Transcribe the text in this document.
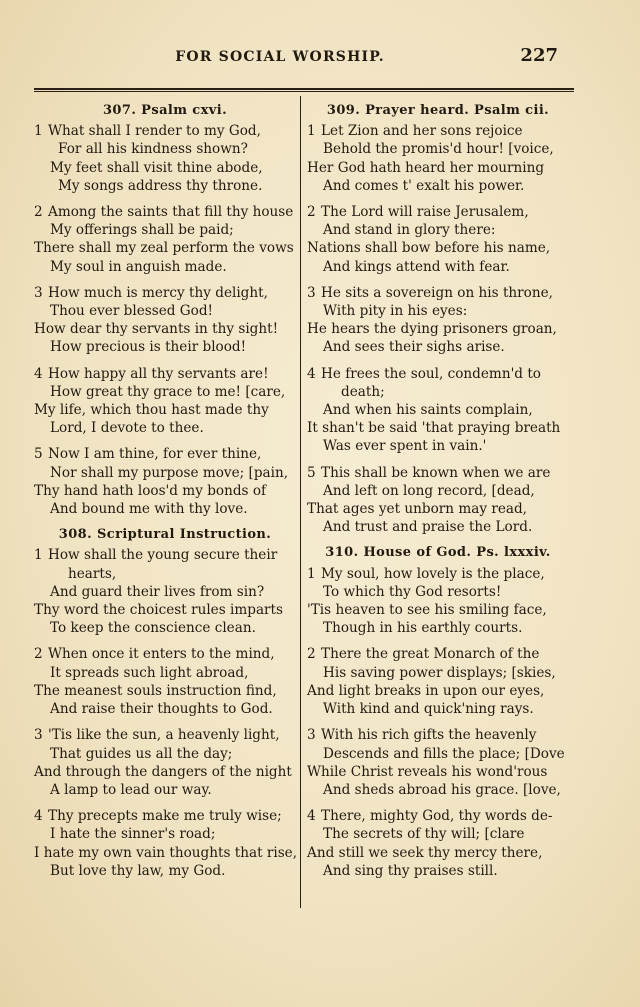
FOR SOCIAL WORSHIP.	227
307. Psalm cxvi.
1 What shall I render to my God,
For all his kindness shown?
My feet shall visit thine abode,
My songs address thy throne.
2 Among the saints that fill thy house
My offerings shall be paid;
There shall my zeal perform the vows
My soul in anguish made.
3 How much is mercy thy delight,
Thou ever blessed God!
How dear thy servants in thy sight!
How precious is their blood!
4 How happy all thy servants are!
How great thy grace to me! [care,
My life, which thou hast made thy
Lord, I devote to thee.
5 Now I am thine, for ever thine,
Nor shall my purpose move; [pain,
Thy hand hath loos'd my bonds of
And bound me with thy love.
308. Scriptural Instruction.
1 How shall the young secure their
hearts,
And guard their lives from sin?
Thy word the choicest rules imparts
To keep the conscience clean.
2 When once it enters to the mind,
It spreads such light abroad,
The meanest souls instruction find,
And raise their thoughts to God.
3 'Tis like the sun, a heavenly light,
That guides us all the day;
And through the dangers of the night
A lamp to lead our way.
4 Thy precepts make me truly wise;
I hate the sinner's road;
I hate my own vain thoughts that rise,
But love thy law, my God.
309. Prayer heard. Psalm cii.
1 Let Zion and her sons rejoice
Behold the promis'd hour! [voice,
Her God hath heard her mourning
And comes t' exalt his power.
2 The Lord will raise Jerusalem,
And stand in glory there:
Nations shall bow before his name,
And kings attend with fear.
3 He sits a sovereign on his throne,
With pity in his eyes:
He hears the dying prisoners groan,
And sees their sighs arise.
4 He frees the soul, condemn'd to
death;
And when his saints complain,
It shan't be said 'that praying breath
Was ever spent in vain.'
5 This shall be known when we are
And left on long record, [dead,
That ages yet unborn may read,
And trust and praise the Lord.
310. House of God. Ps. lxxxiv.
1 My soul, how lovely is the place,
To which thy God resorts!
'Tis heaven to see his smiling face,
Though in his earthly courts.
2 There the great Monarch of the
His saving power displays; [skies,
And light breaks in upon our eyes,
With kind and quick'ning rays.
3 With his rich gifts the heavenly
Descends and fills the place; [Dove
While Christ reveals his wond'rous
And sheds abroad his grace. [love,
4 There, mighty God, thy words de-
The secrets of thy will; [clare
And still we seek thy mercy there,
And sing thy praises still.
